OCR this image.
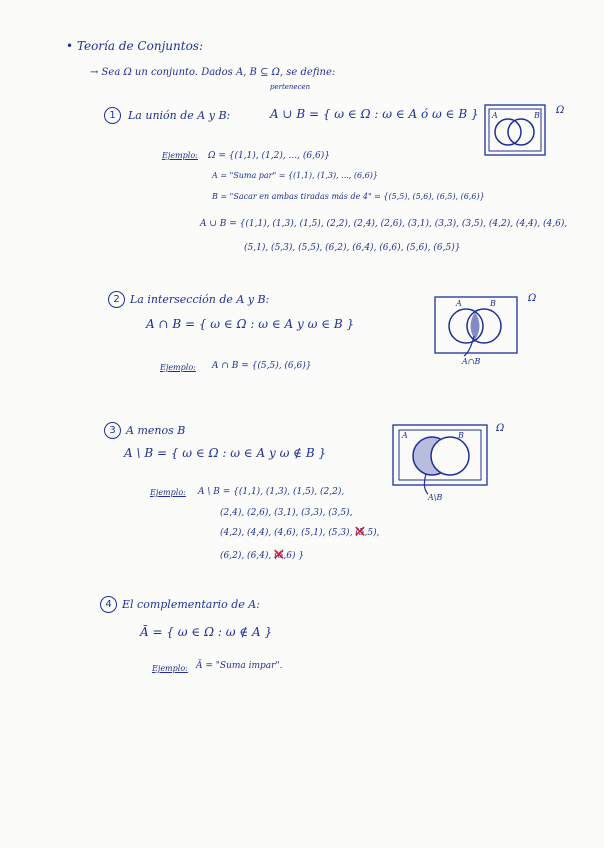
• Teoría de Conjuntos:
→ Sea Ω un conjunto. Dados A, B ⊆ Ω, se define:
pertenecen
1	La unión de A y B:	A ∪ B = { ω ∈ Ω : ω ∈ A ó ω ∈ B } A	B Ω
Ejemplo: Ω = {(1,1), (1,2), ..., (6,6)}
A = "Suma par" = {(1,1), (1,3), ..., (6,6)}
B = "Sacar en ambas tiradas más de 4" = {(5,5), (5,6), (6,5), (6,6)}
A ∪ B = {(1,1), (1,3), (1,5), (2,2), (2,4), (2,6), (3,1), (3,3), (3,5), (4,2), (4,4), (4,6),
(5,1), (5,3), (5,5), (6,2), (6,4), (6,6), (5,6), (6,5)}
2 La intersección de A y B:
A ∩ B = { ω ∈ Ω : ω ∈ A y ω ∈ B }
A	B	Ω
A∩B
Ejemplo: A ∩ B = {(5,5), (6,6)}
3 A menos B
A \ B = { ω ∈ Ω : ω ∈ A y ω ∉ B }
A	B
Ω
A\B
Ejemplo: A \ B = {(1,1), (1,3), (1,5), (2,2),
(2,4), (2,6), (3,1), (3,3), (3,5),
(4,2), (4,4), (4,6), (5,1), (5,3), (5,5) ✕,
(6,2), (6,4), (6,6) ✕ }
4 El complementario de A:
Ā = { ω ∈ Ω : ω ∉ A }
Ejemplo: Ā = "Suma impar".
